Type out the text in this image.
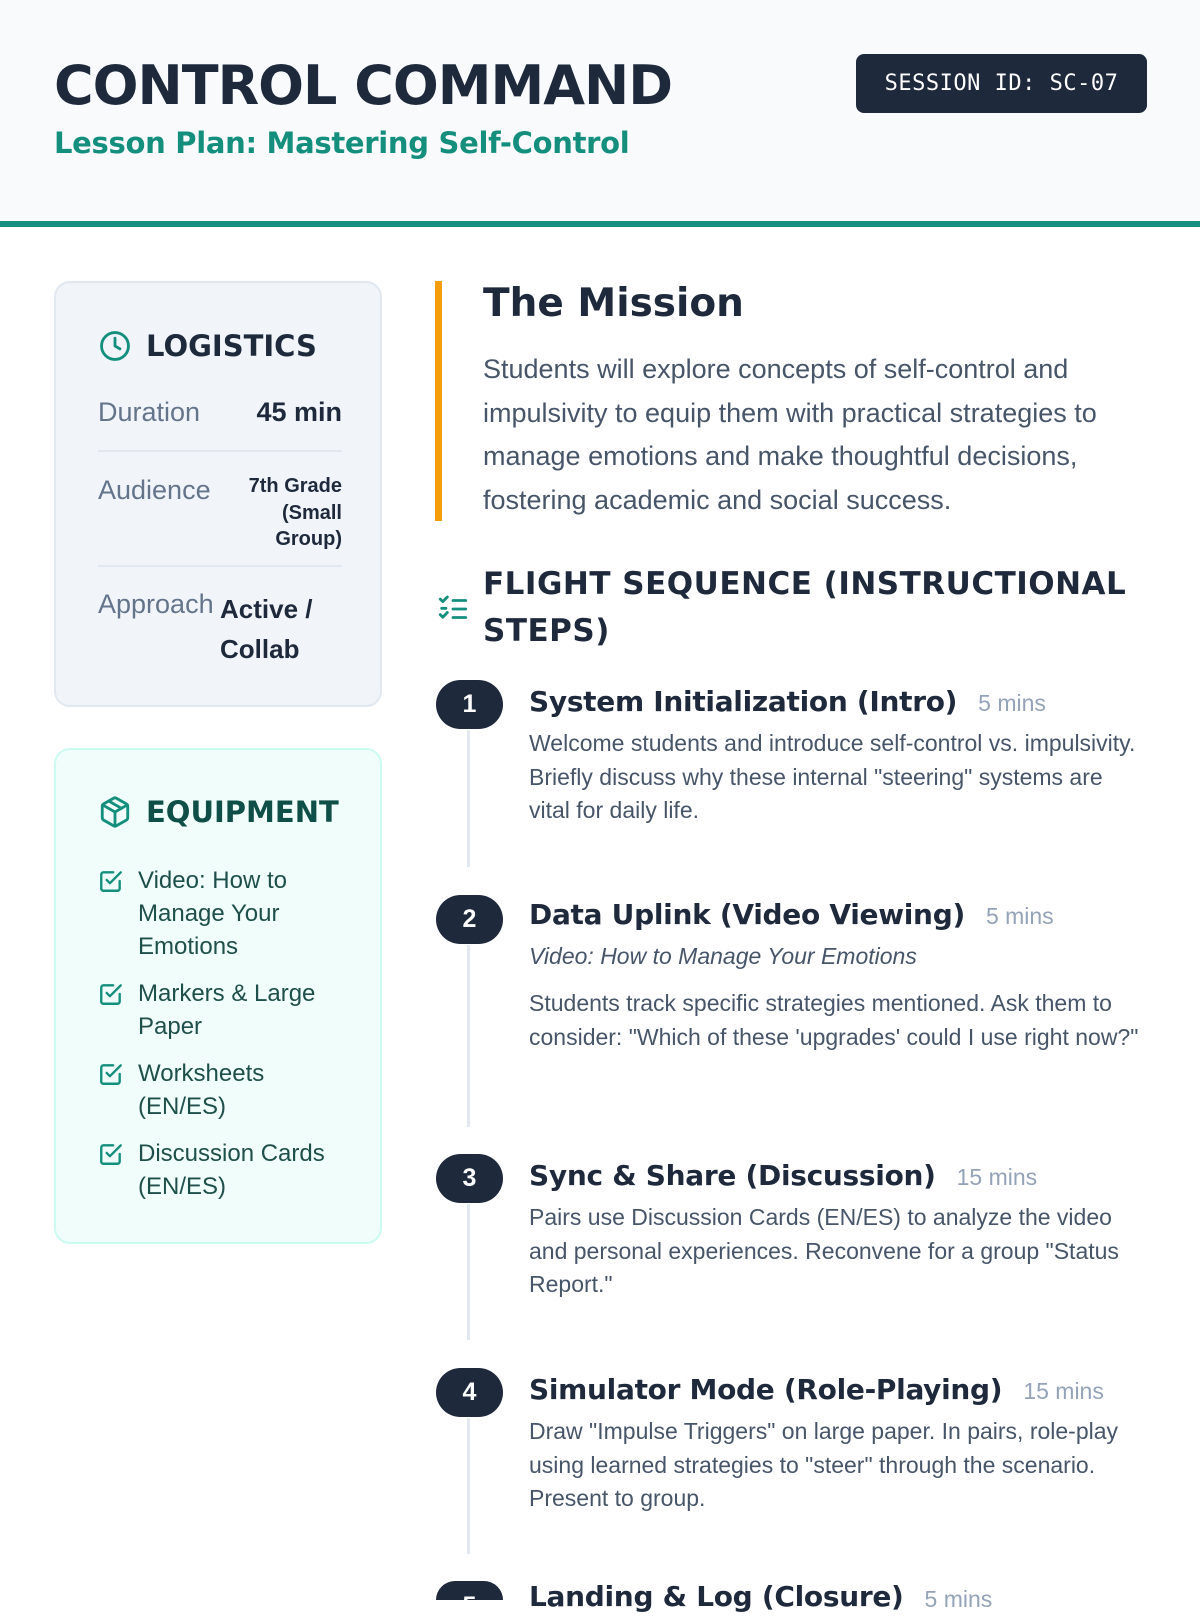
CONTROL COMMAND
Lesson Plan: Mastering Self-Control
SESSION ID: SC-07
LOGISTICS
Duration 45 min
Audience	7th Grade (Small Group)
Approach Active / Collab
EQUIPMENT
Video: How to Manage Your Emotions
Markers & Large Paper
Worksheets (EN/ES)
Discussion Cards (EN/ES)
The Mission
Students will explore concepts of self-control and impulsivity to equip them with practical strategies to manage emotions and make thoughtful decisions, fostering academic and social success.
FLIGHT SEQUENCE (INSTRUCTIONAL STEPS)
1	System Initialization (Intro) 5 mins
Welcome students and introduce self-control vs. impulsivity. Briefly discuss why these internal "steering" systems are vital for daily life.
2	Data Uplink (Video Viewing) 5 mins
Video: How to Manage Your Emotions
Students track specific strategies mentioned. Ask them to consider: "Which of these 'upgrades' could I use right now?"
3	Sync & Share (Discussion) 15 mins
Pairs use Discussion Cards (EN/ES) to analyze the video and personal experiences. Reconvene for a group "Status Report."
4	Simulator Mode (Role-Playing) 15 mins
Draw "Impulse Triggers" on large paper. In pairs, role-play using learned strategies to "steer" through the scenario. Present to group.
5 Landing & Log (Closure) 5 mins
